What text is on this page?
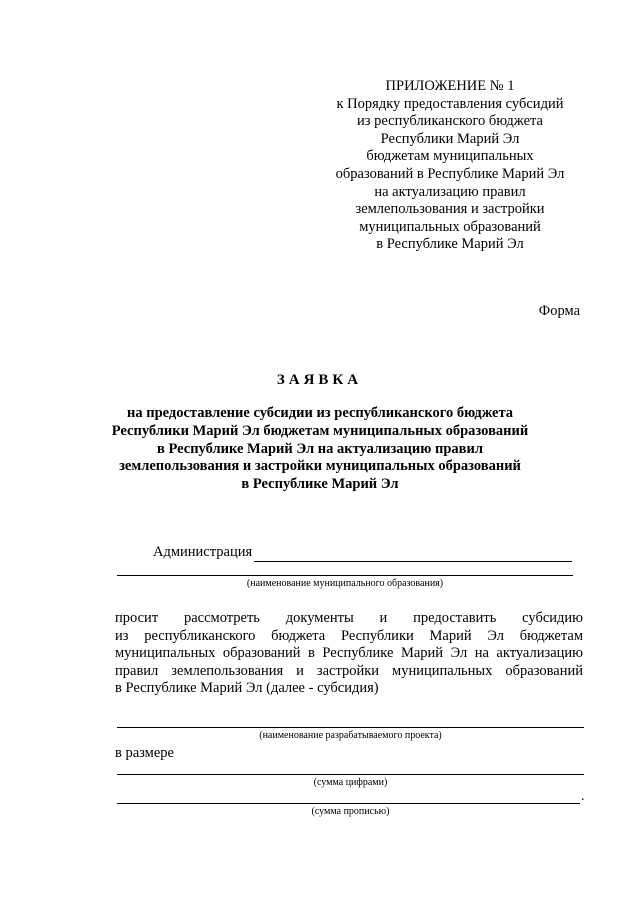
ПРИЛОЖЕНИЕ № 1
к Порядку предоставления субсидий
из республиканского бюджета
Республики Марий Эл
бюджетам муниципальных
образований в Республике Марий Эл
на актуализацию правил
землепользования и застройки
муниципальных образований
в Республике Марий Эл
Форма
ЗАЯВКА
на предоставление субсидии из республиканского бюджета
Республики Марий Эл бюджетам муниципальных образований
в Республике Марий Эл на актуализацию правил
землепользования и застройки муниципальных образований
в Республике Марий Эл
Администрация
(наименование муниципального образования)
просит рассмотреть документы и предоставить субсидию
из республиканского бюджета Республики Марий Эл бюджетам
муниципальных образований в Республике Марий Эл на актуализацию
правил землепользования и застройки муниципальных образований
в Республике Марий Эл (далее - субсидия)
(наименование разрабатываемого проекта)
в размере
(сумма цифрами)
.
(сумма прописью)
